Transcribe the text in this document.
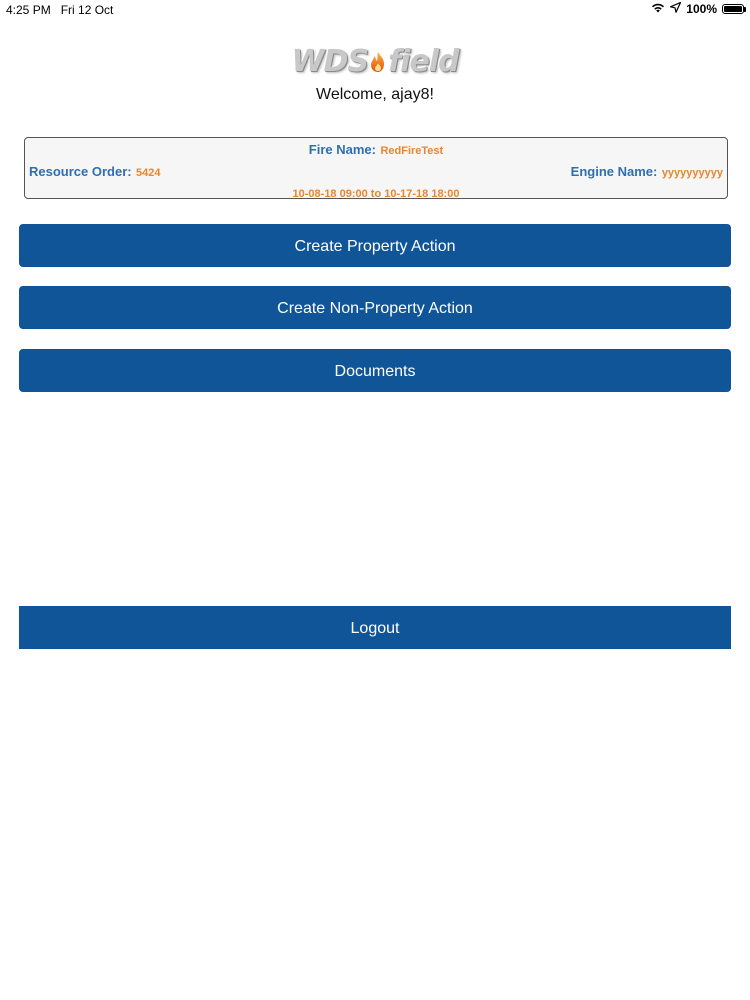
4:25 PM Fri 12 Oct	100%
WDS field
Welcome, ajay8!
Fire Name: RedFireTest
Resource Order: 5424	Engine Name: yyyyyyyyyy
10-08-18 09:00 to 10-17-18 18:00
Create Property Action
Create Non-Property Action
Documents
Logout
